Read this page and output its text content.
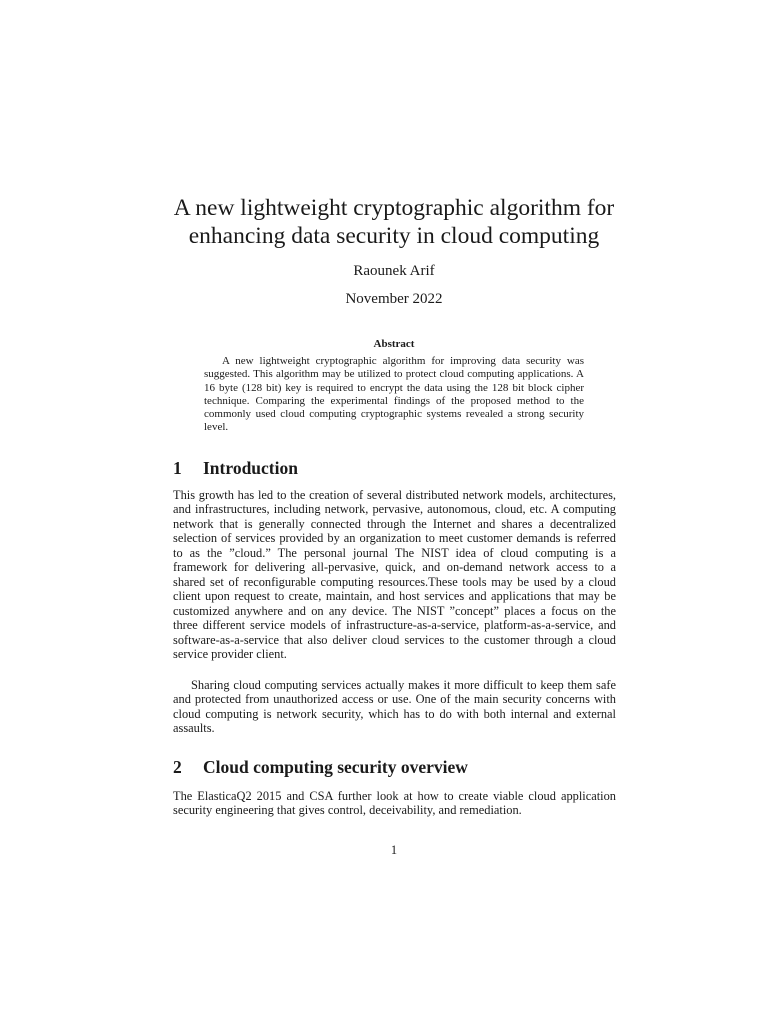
A new lightweight cryptographic algorithm for
enhancing data security in cloud computing
Raounek Arif
November 2022
Abstract

A new lightweight cryptographic algorithm for improving data security was suggested. This algorithm may be utilized to protect cloud computing applications. A 16 byte (128 bit) key is required to encrypt the data using the 128 bit block cipher technique. Comparing the experimental findings of the proposed method to the commonly used cloud computing cryptographic systems revealed a strong security level.

1 Introduction

This growth has led to the creation of several distributed network models, architectures, and infrastructures, including network, pervasive, autonomous, cloud, etc. A computing network that is generally connected through the Internet and shares a decentralized selection of services provided by an organization to meet customer demands is referred to as the ”cloud.” The personal journal The NIST idea of cloud computing is a framework for delivering all-pervasive, quick, and on-demand network access to a shared set of reconfigurable computing resources.These tools may be used by a cloud client upon request to create, maintain, and host services and applications that may be customized anywhere and on any device. The NIST ”concept” places a focus on the three different service models of infrastructure-as-a-service, platform-as-a-service, and software-as-a-service that also deliver cloud services to the customer through a cloud service provider client.

Sharing cloud computing services actually makes it more difficult to keep them safe and protected from unauthorized access or use. One of the main security concerns with cloud computing is network security, which has to do with both internal and external assaults.

2 Cloud computing security overview

The ElasticaQ2 2015 and CSA further look at how to create viable cloud application security engineering that gives control, deceivability, and remediation.

1
